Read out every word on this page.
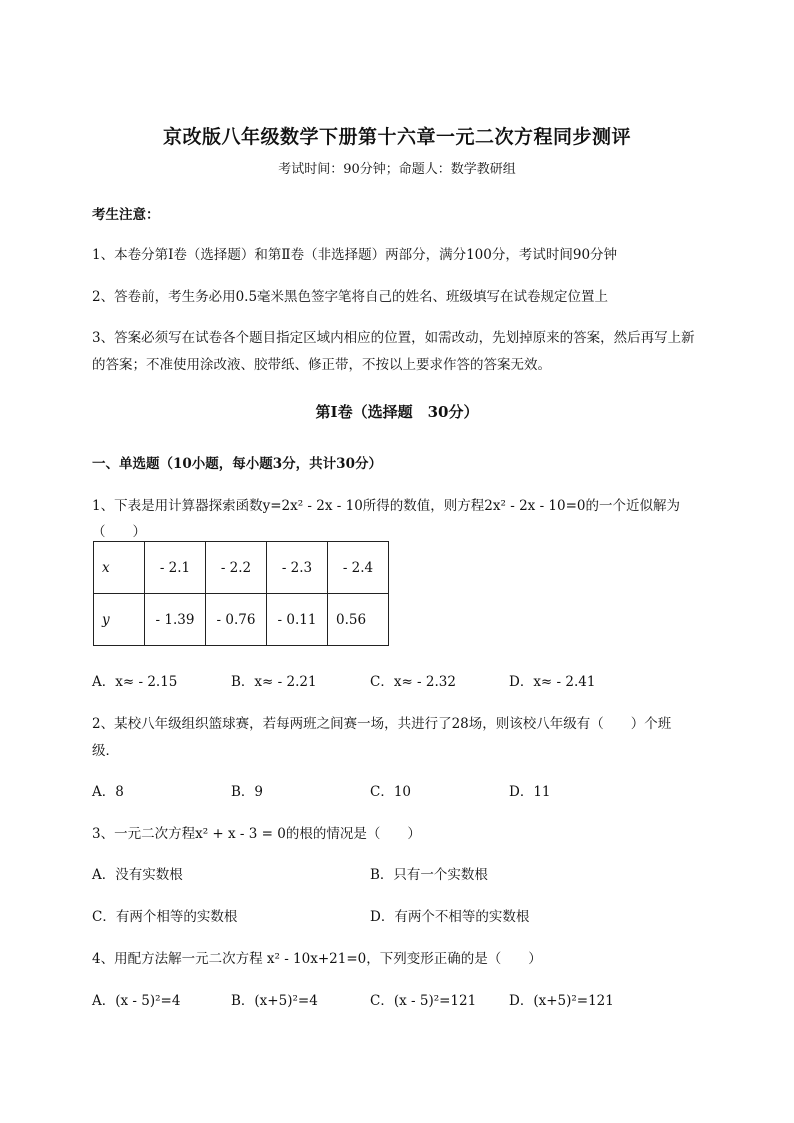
京改版八年级数学下册第十六章一元二次方程同步测评
考试时间：90分钟；命题人：数学教研组
考生注意：
1、本卷分第I卷（选择题）和第Ⅱ卷（非选择题）两部分，满分100分，考试时间90分钟
2、答卷前，考生务必用0.5毫米黑色签字笔将自己的姓名、班级填写在试卷规定位置上
3、答案必须写在试卷各个题目指定区域内相应的位置，如需改动，先划掉原来的答案，然后再写上新
的答案；不准使用涂改液、胶带纸、修正带，不按以上要求作答的答案无效。
第I卷（选择题　30分）
一、单选题（10小题，每小题3分，共计30分）
1、下表是用计算器探索函数y=2x² - 2x - 10所得的数值，则方程2x² - 2x - 10=0的一个近似解为
（　　）
x	- 2.1	- 2.2	- 2.3	- 2.4
y	- 1.39	- 0.76	- 0.11	0.56
A．x≈ - 2.15	B．x≈ - 2.21	C．x≈ - 2.32	D．x≈ - 2.41
2、某校八年级组织篮球赛，若每两班之间赛一场，共进行了28场，则该校八年级有（　　）个班
级．
A．8	B．9	C．10	D．11
3、一元二次方程x² + x - 3 = 0的根的情况是（　　）
A．没有实数根	B．只有一个实数根
C．有两个相等的实数根	D．有两个不相等的实数根
4、用配方法解一元二次方程 x² - 10x+21=0，下列变形正确的是（　　）
A．(x - 5)²=4	B．(x+5)²=4	C．(x - 5)²=121 D．(x+5)²=121
